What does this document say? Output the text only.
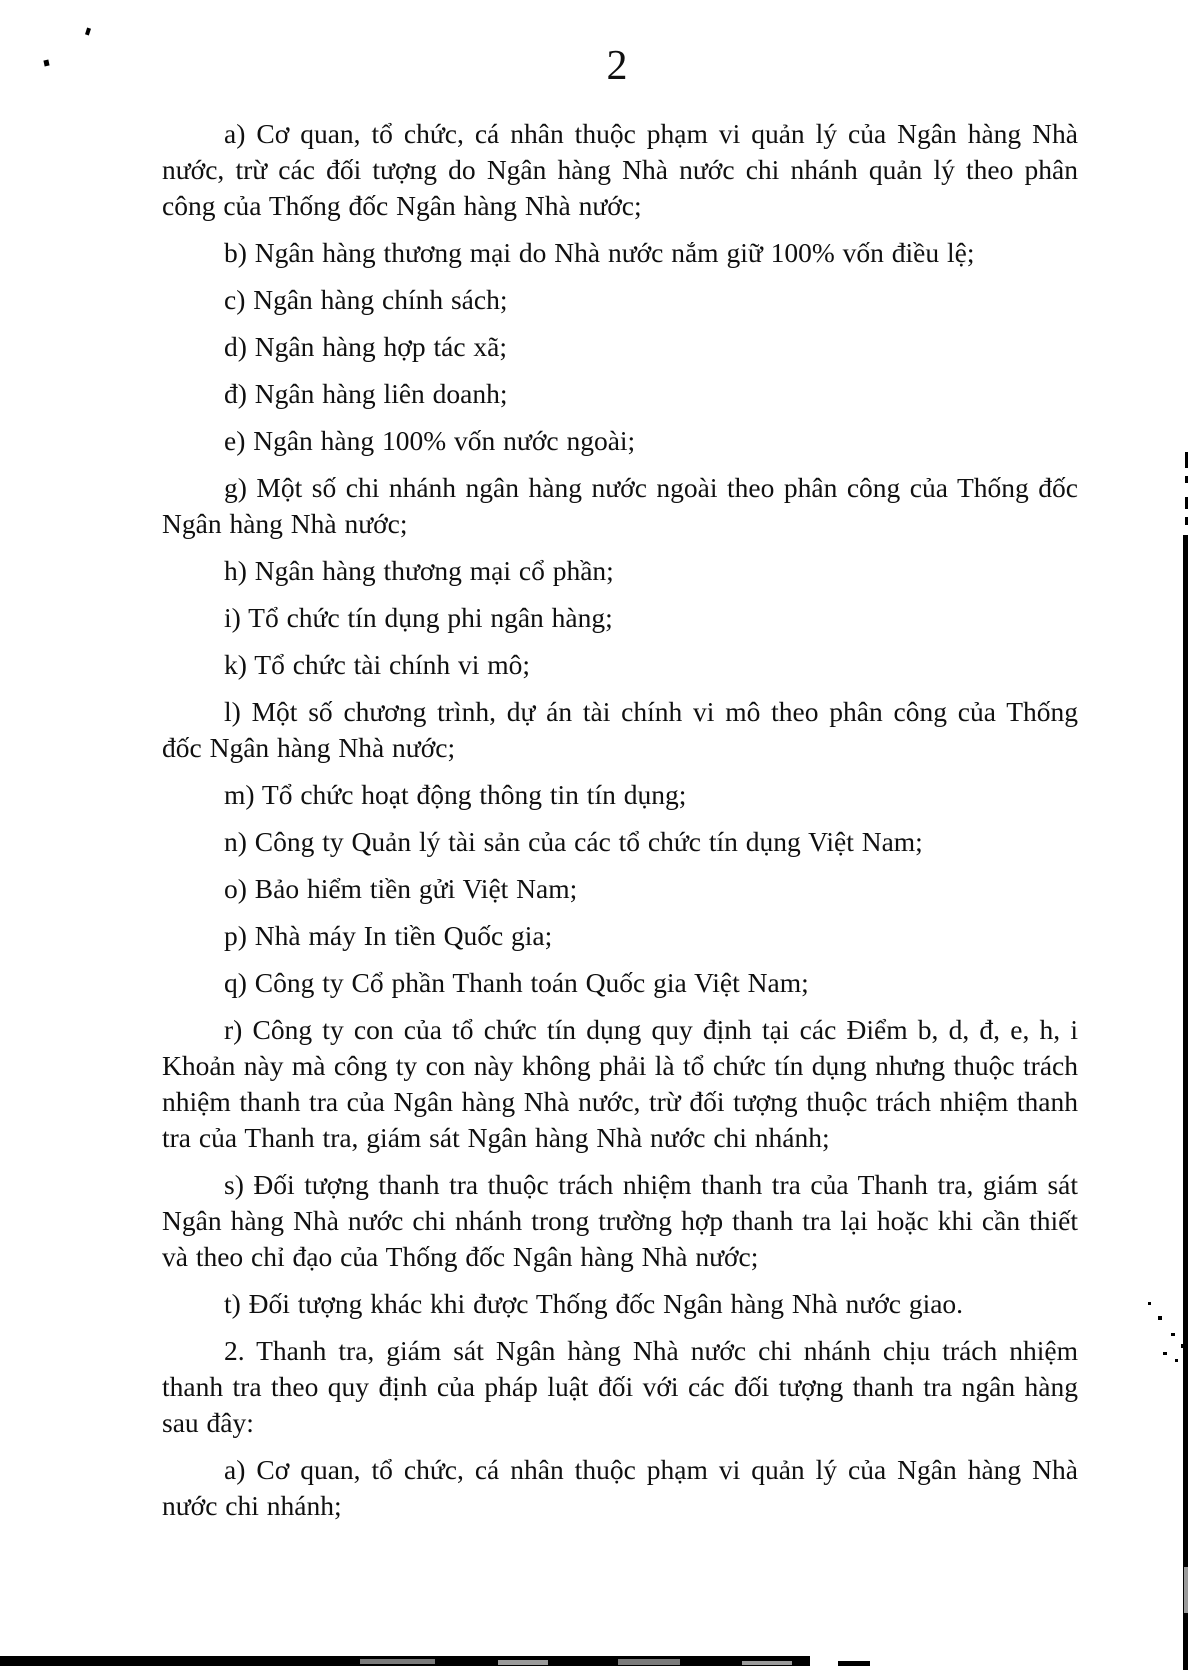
2

a) Cơ quan, tổ chức, cá nhân thuộc phạm vi quản lý của Ngân hàng Nhà nước, trừ các đối tượng do Ngân hàng Nhà nước chi nhánh quản lý theo phân công của Thống đốc Ngân hàng Nhà nước;

b) Ngân hàng thương mại do Nhà nước nắm giữ 100% vốn điều lệ;

c) Ngân hàng chính sách;

d) Ngân hàng hợp tác xã;

đ) Ngân hàng liên doanh;

e) Ngân hàng 100% vốn nước ngoài;

g) Một số chi nhánh ngân hàng nước ngoài theo phân công của Thống đốc Ngân hàng Nhà nước;

h) Ngân hàng thương mại cổ phần;

i) Tổ chức tín dụng phi ngân hàng;

k) Tổ chức tài chính vi mô;

l) Một số chương trình, dự án tài chính vi mô theo phân công của Thống đốc Ngân hàng Nhà nước;

m) Tổ chức hoạt động thông tin tín dụng;

n) Công ty Quản lý tài sản của các tổ chức tín dụng Việt Nam;

o) Bảo hiểm tiền gửi Việt Nam;

p) Nhà máy In tiền Quốc gia;

q) Công ty Cổ phần Thanh toán Quốc gia Việt Nam;

r) Công ty con của tổ chức tín dụng quy định tại các Điểm b, d, đ, e, h, i Khoản này mà công ty con này không phải là tổ chức tín dụng nhưng thuộc trách nhiệm thanh tra của Ngân hàng Nhà nước, trừ đối tượng thuộc trách nhiệm thanh tra của Thanh tra, giám sát Ngân hàng Nhà nước chi nhánh;

s) Đối tượng thanh tra thuộc trách nhiệm thanh tra của Thanh tra, giám sát Ngân hàng Nhà nước chi nhánh trong trường hợp thanh tra lại hoặc khi cần thiết và theo chỉ đạo của Thống đốc Ngân hàng Nhà nước;

t) Đối tượng khác khi được Thống đốc Ngân hàng Nhà nước giao.

2. Thanh tra, giám sát Ngân hàng Nhà nước chi nhánh chịu trách nhiệm thanh tra theo quy định của pháp luật đối với các đối tượng thanh tra ngân hàng sau đây:

a) Cơ quan, tổ chức, cá nhân thuộc phạm vi quản lý của Ngân hàng Nhà nước chi nhánh;
